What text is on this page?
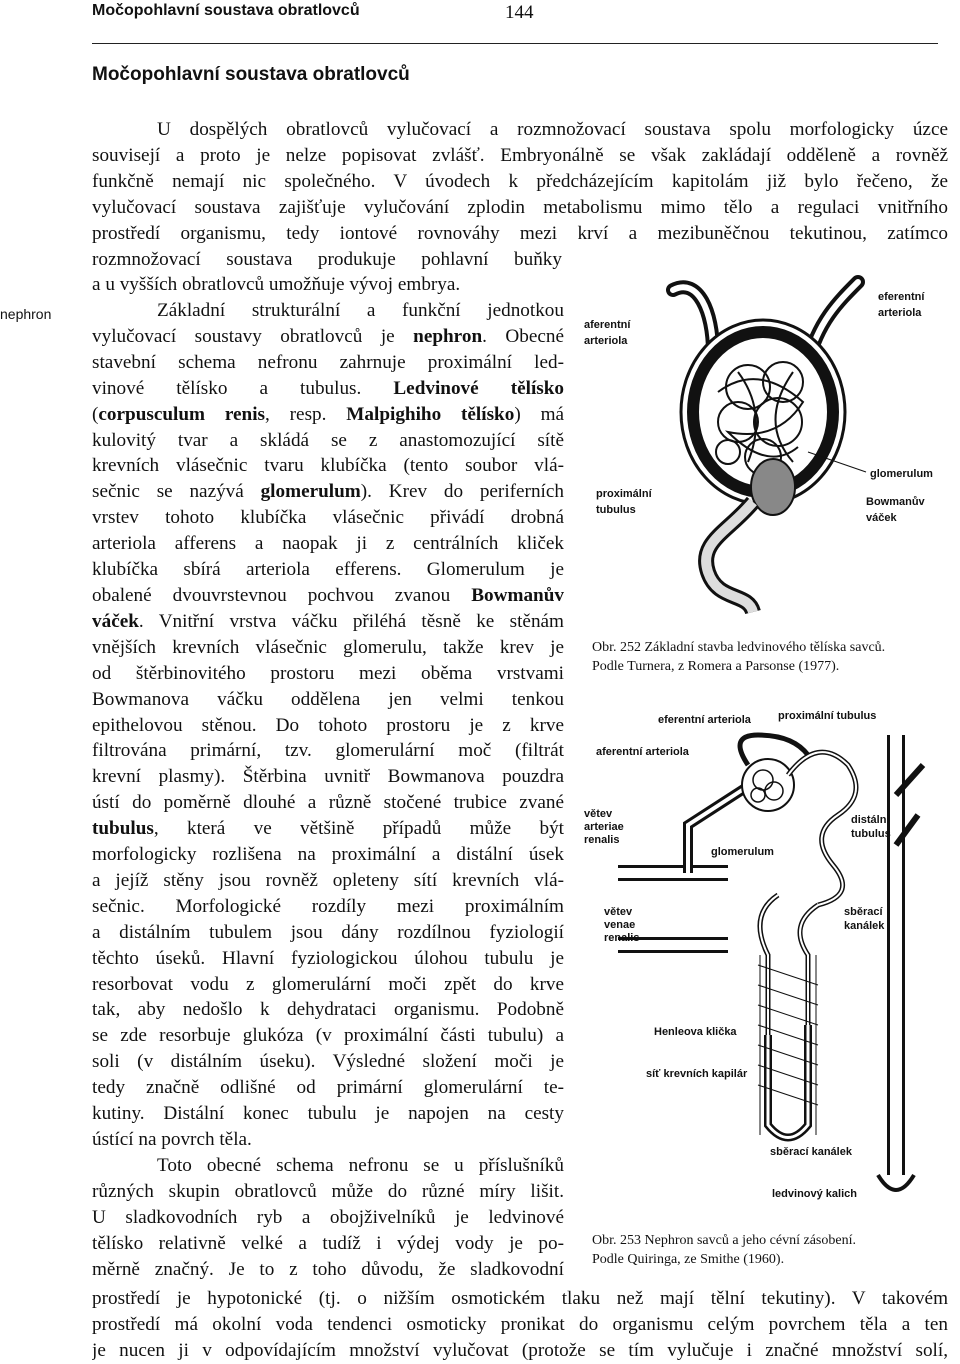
Močopohlavní soustava obratlovců	144
Močopohlavní soustava obratlovců
nephron
U dospělých obratlovců vylučovací a rozmnožovací soustava spolu morfologicky úzce
souvisejí a proto je nelze popisovat zvlášť. Embryonálně se však zakládají odděleně a rovněž
funkčně nemají nic společného. V úvodech k předcházejícím kapitolám již bylo řečeno, že
vylučovací soustava zajišťuje vylučování zplodin metabolismu mimo tělo a regulaci vnitřního
prostředí organismu, tedy iontové rovnováhy mezi krví a mezibuněčnou tekutinou, zatímco
rozmnožovací soustava produkuje pohlavní buňky
a u vyšších obratlovců umožňuje vývoj embrya.
Základní strukturální a funkční jednotkou
vylučovací soustavy obratlovců je nephron. Obecné
stavební schema nefronu zahrnuje proximální led-
vinové tělísko a tubulus. Ledvinové tělísko
(corpusculum renis, resp. Malpighiho tělísko) má
kulovitý tvar a skládá se z anastomozující sítě
krevních vlásečnic tvaru klubíčka (tento soubor vlá-
sečnic se nazývá glomerulum). Krev do periferních
vrstev tohoto klubíčka vlásečnic přivádí drobná
arteriola afferens a naopak ji z centrálních kliček
klubíčka sbírá arteriola efferens. Glomerulum je
obalené dvouvrstevnou pochvou zvanou Bowmanův
váček. Vnitřní vrstva váčku přiléhá těsně ke stěnám
vnějších krevních vlásečnic glomerulu, takže krev je
od štěrbinovitého prostoru mezi oběma vrstvami
Bowmanova váčku oddělena jen velmi tenkou
epithelovou stěnou. Do tohoto prostoru je z krve
filtrována primární, tzv. glomerulární moč (filtrát
krevní plasmy). Štěrbina uvnitř Bowmanova pouzdra
ústí do poměrně dlouhé a různě stočené trubice zvané
tubulus, která ve většině případů může být
morfologicky rozlišena na proximální a distální úsek
a jejíž stěny jsou rovněž opleteny sítí krevních vlá-
sečnic. Morfologické rozdíly mezi proximálním
a distálním tubulem jsou dány rozdílnou fyziologií
těchto úseků. Hlavní fyziologickou úlohou tubulu je
resorbovat vodu z glomerulární moči zpět do krve
tak, aby nedošlo k dehydrataci organismu. Podobně
se zde resorbuje glukóza (v proximální části tubulu) a
soli (v distálním úseku). Výsledné složení moči je
tedy značně odlišné od primární glomerulární te-
kutiny. Distální konec tubulu je napojen na cesty
ústící na povrch těla.
Toto obecné schema nefronu se u příslušníků
různých skupin obratlovců může do různé míry lišit.
U sladkovodních ryb a obojživelníků je ledvinové
tělísko relativně velké a tudíž i výdej vody je po-
měrně značný. Je to z toho důvodu, že sladkovodní
prostředí je hypotonické (tj. o nižším osmotickém tlaku než mají tělní tekutiny). V takovém
prostředí má okolní voda tendenci osmoticky pronikat do organismu celým povrchem těla a ten
je nucen ji v odpovídajícím množství vylučovat (protože se tím vylučuje i značné množství solí,
eferentní
arteriola
aferentní
arteriola
glomerulum
proximální
tubulus
Bowmanův
váček
Obr. 252 Základní stavba ledvinového tělíska savců.
Podle Turnera, z Romera a Parsonse (1977).
eferentní arteriola proximální tubulus
aferentní arteriola
větev
arteriae
renalis
glomerulum
distální
tubulus
větev
venae
renalis
sběrací
kanálek
Henleova klička
síť krevních kapilár
sběrací kanálek
ledvinový kalich
Obr. 253 Nephron savců a jeho cévní zásobení.
Podle Quiringa, ze Smithe (1960).
